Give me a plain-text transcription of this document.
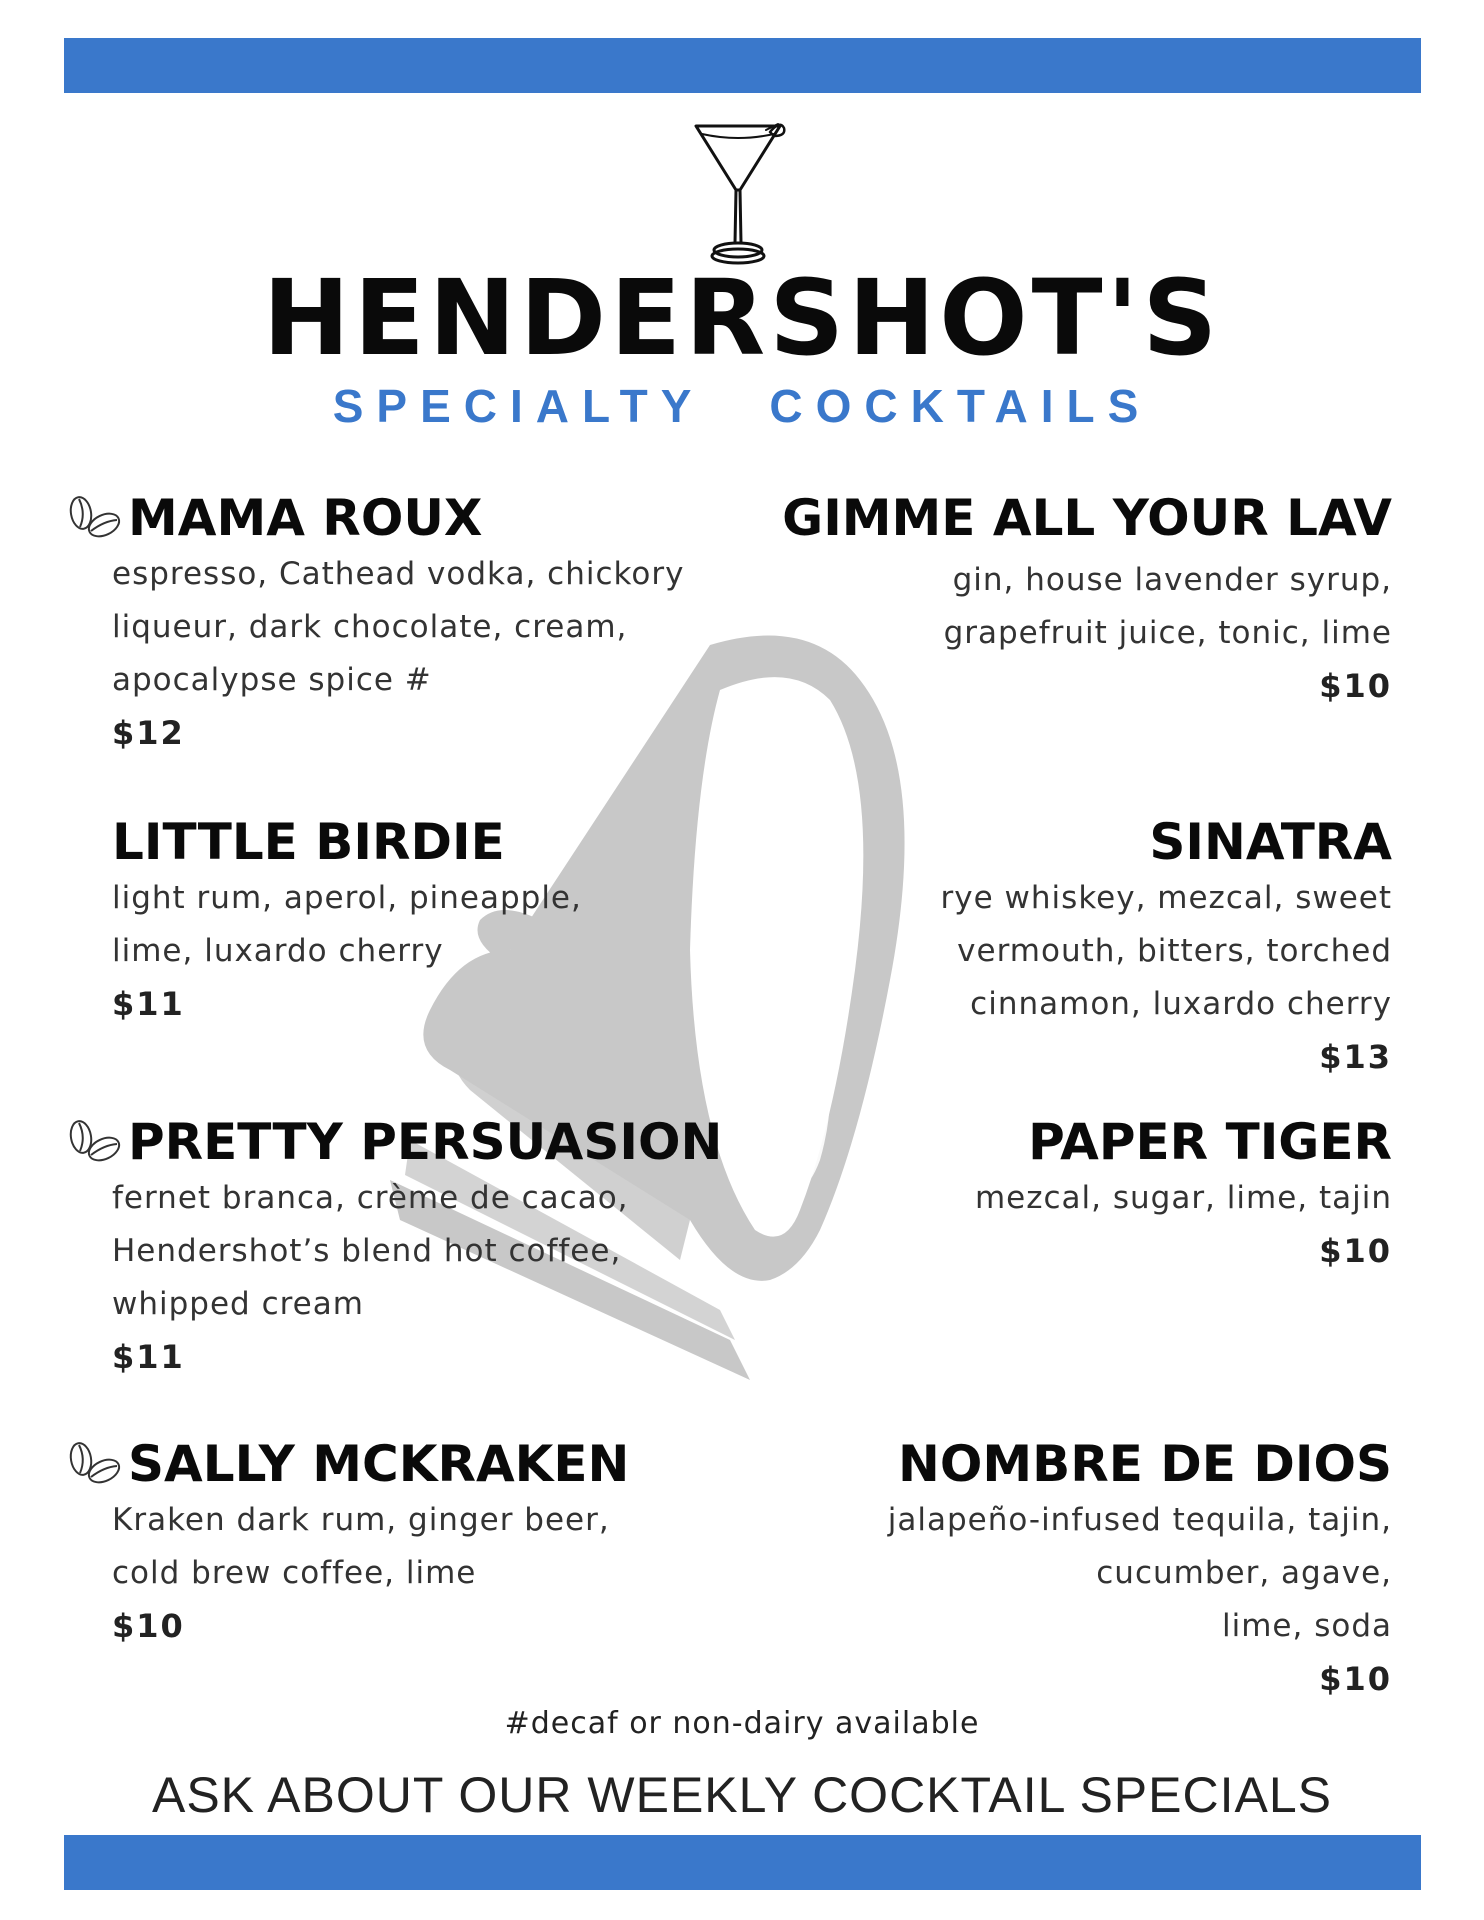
HENDERSHOT'S
SPECIALTY COCKTAILS
MAMA ROUX
espresso, Cathead vodka, chickory
liqueur, dark chocolate, cream,
apocalypse spice #
$12
LITTLE BIRDIE
light rum, aperol, pineapple,
lime, luxardo cherry
$11
PRETTY PERSUASION
fernet branca, crème de cacao,
Hendershot’s blend hot coffee,
whipped cream
$11
SALLY MCKRAKEN
Kraken dark rum, ginger beer,
cold brew coffee, lime
$10
GIMME ALL YOUR LAV
gin, house lavender syrup,
grapefruit juice, tonic, lime
$10
SINATRA
rye whiskey, mezcal, sweet
vermouth, bitters, torched
cinnamon, luxardo cherry
$13
PAPER TIGER
mezcal, sugar, lime, tajin
$10
NOMBRE DE DIOS
jalapeño-infused tequila, tajin,
cucumber, agave,
lime, soda
$10
#decaf or non-dairy available
ASK ABOUT OUR WEEKLY COCKTAIL SPECIALS
